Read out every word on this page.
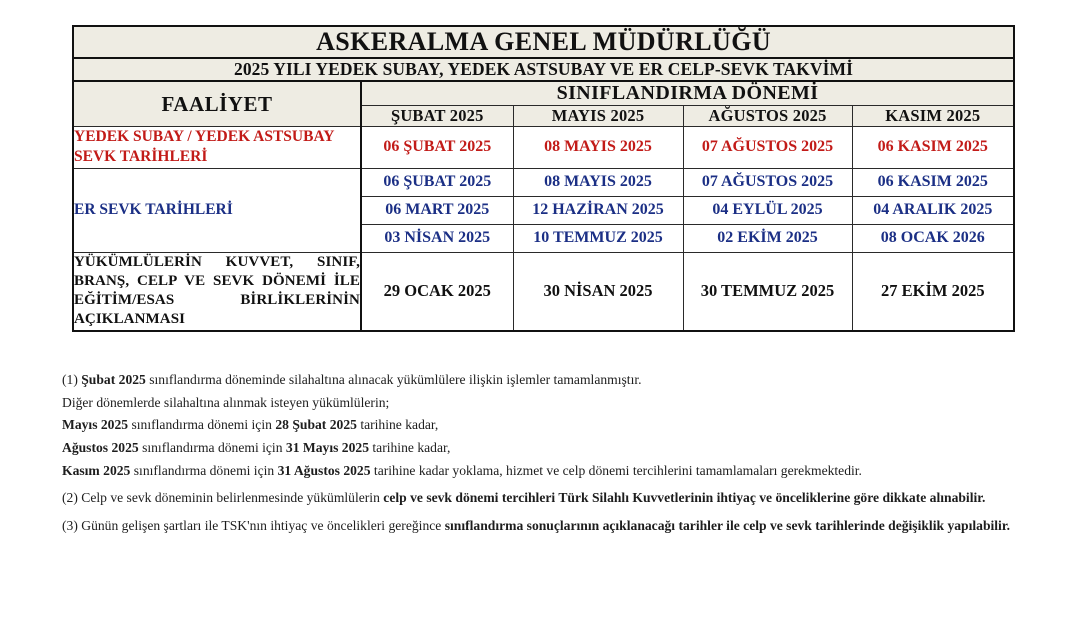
ASKERALMA GENEL MÜDÜRLÜĞÜ				
2025 YILI YEDEK SUBAY, YEDEK ASTSUBAY VE ER CELP-SEVK TAKVİMİ				
FAALİYET	SINIFLANDIRMA DÖNEMİ			
	ŞUBAT 2025	MAYIS 2025	AĞUSTOS 2025	KASIM 2025
YEDEK SUBAY / YEDEK ASTSUBAY SEVK TARİHLERİ	06 ŞUBAT 2025	08 MAYIS 2025	07 AĞUSTOS 2025	06 KASIM 2025
ER SEVK TARİHLERİ	06 ŞUBAT 2025	08 MAYIS 2025	07 AĞUSTOS 2025	06 KASIM 2025
	06 MART 2025	12 HAZİRAN 2025	04 EYLÜL 2025	04 ARALIK 2025
	03 NİSAN 2025	10 TEMMUZ 2025	02 EKİM 2025	08 OCAK 2026
YÜKÜMLÜLERİN KUVVET, SINIF, BRANŞ, CELP VE SEVK DÖNEMİ İLE EĞİTİM/ESAS BİRLİKLERİNİN AÇIKLANMASI	29 OCAK 2025	30 NİSAN 2025	30 TEMMUZ 2025	27 EKİM 2025

(1) Şubat 2025 sınıflandırma döneminde silahaltına alınacak yükümlülere ilişkin işlemler tamamlanmıştır.

Diğer dönemlerde silahaltına alınmak isteyen yükümlülerin;

Mayıs 2025 sınıflandırma dönemi için 28 Şubat 2025 tarihine kadar,

Ağustos 2025 sınıflandırma dönemi için 31 Mayıs 2025 tarihine kadar,

Kasım 2025 sınıflandırma dönemi için 31 Ağustos 2025 tarihine kadar yoklama, hizmet ve celp dönemi tercihlerini tamamlamaları gerekmektedir.

(2) Celp ve sevk döneminin belirlenmesinde yükümlülerin celp ve sevk dönemi tercihleri Türk Silahlı Kuvvetlerinin ihtiyaç ve önceliklerine göre dikkate alınabilir.

(3) Günün gelişen şartları ile TSK'nın ihtiyaç ve öncelikleri gereğince sınıflandırma sonuçlarının açıklanacağı tarihler ile celp ve sevk tarihlerinde değişiklik yapılabilir.
